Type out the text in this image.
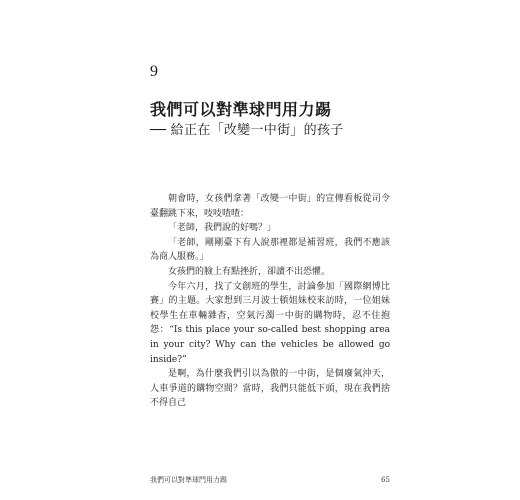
9
我們可以對準球門用力踢
── 給正在「改變一中街」的孩子

朝會時，女孩們拿著「改變一中街」的宣傳看板從司令臺翻跳下來，吱吱喳喳：

「老師，我們說的好嗎？」

「老師，剛剛臺下有人說那裡都是補習班，我們不應該為商人服務。」

女孩們的臉上有點挫折，卻讀不出恐懼。

今年六月，找了文創班的學生，討論參加「國際網博比賽」的主題。大家想到三月波士頓姐妹校來訪時，一位姐妹校學生在車輛雜杳，空氣污濁一中街的購物時，忍不住抱怨：“Is this place your so-called best shopping area in your city? Why can the vehicles be allowed go inside?”

是啊，為什麼我們引以為傲的一中街，是個廢氣沖天，人車爭道的購物空間？當時，我們只能低下頭，現在我們捨不得自己

我們可以對準球門用力踢	65
